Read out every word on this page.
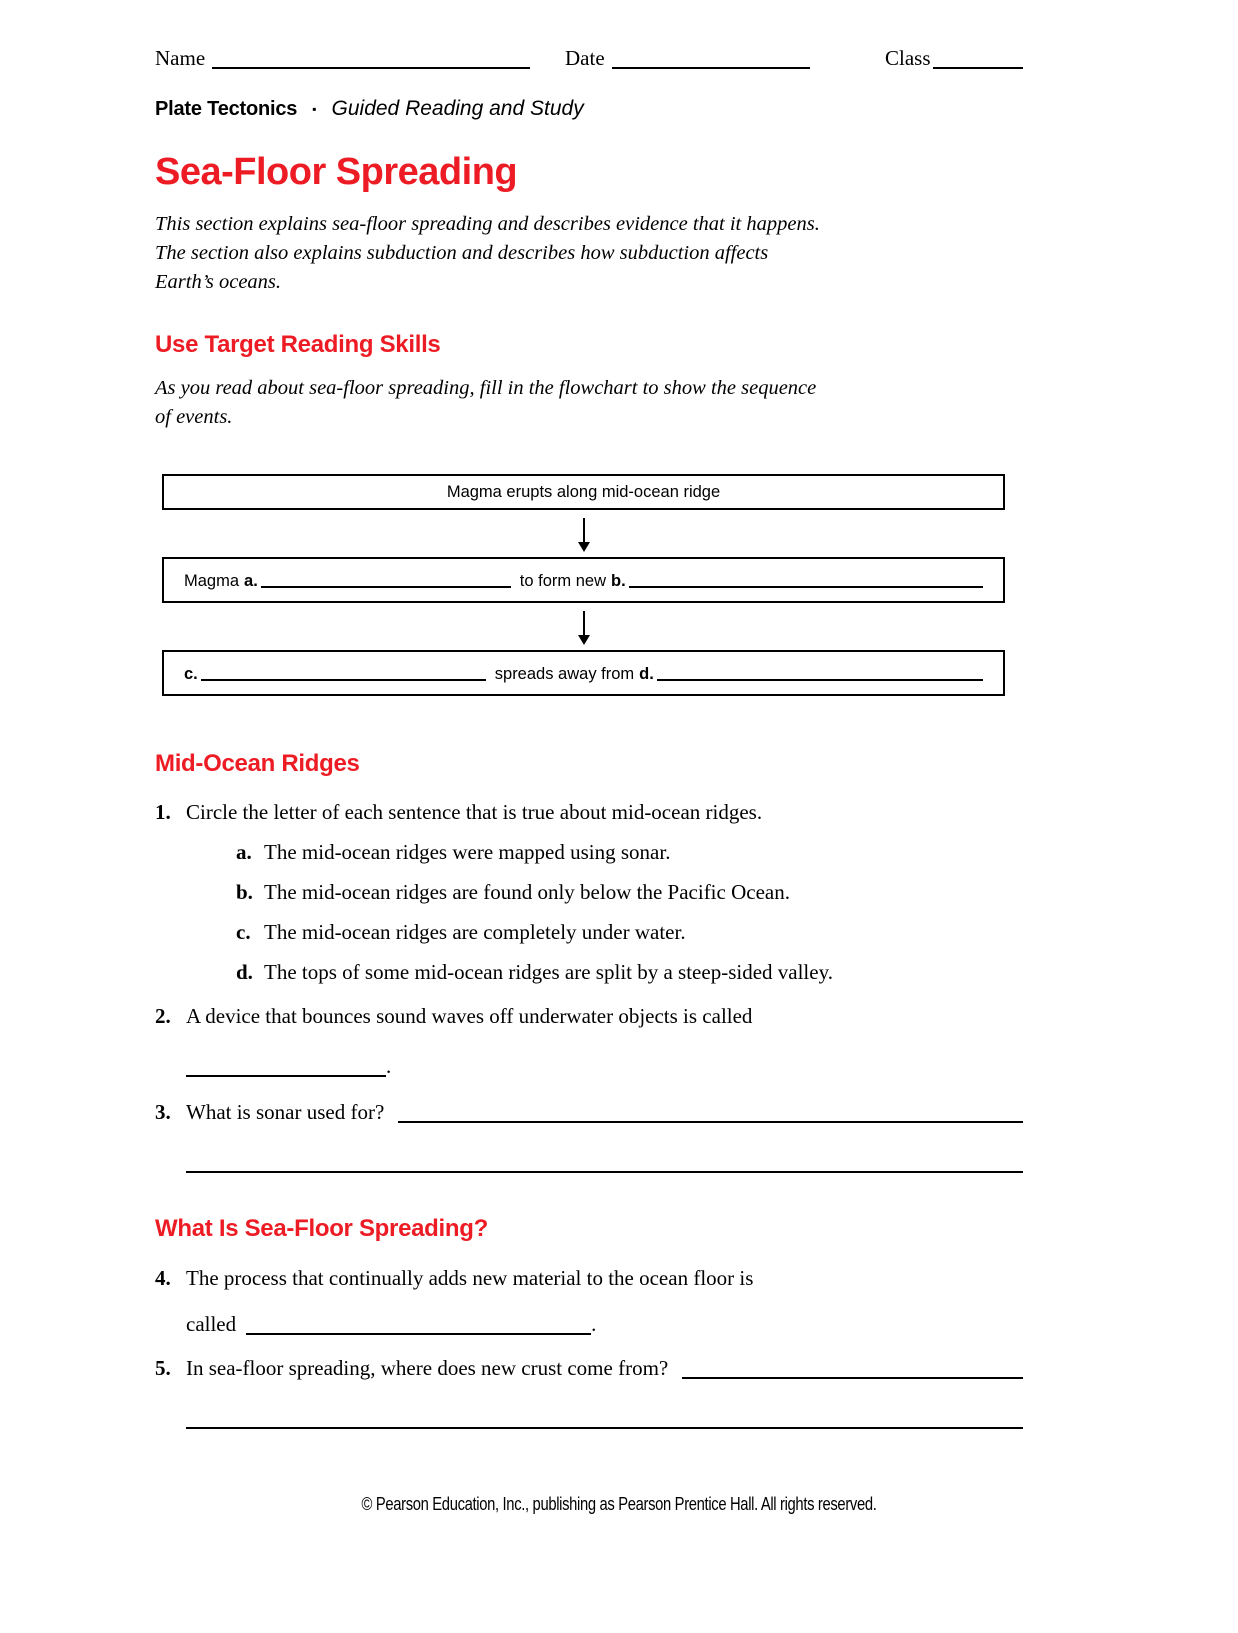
Name	Date	Class
Plate Tectonics ▪ Guided Reading and Study
Sea-Floor Spreading
This section explains sea-floor spreading and describes evidence that it happens.
The section also explains subduction and describes how subduction affects
Earth’s oceans.
Use Target Reading Skills
As you read about sea-floor spreading, fill in the flowchart to show the sequence
of events.
Magma erupts along mid-ocean ridge
Magma a.	to form new b.
c.	spreads away from d.
Mid-Ocean Ridges
1. Circle the letter of each sentence that is true about mid-ocean ridges.
a. The mid-ocean ridges were mapped using sonar.
b. The mid-ocean ridges are found only below the Pacific Ocean.
c. The mid-ocean ridges are completely under water.
d. The tops of some mid-ocean ridges are split by a steep-sided valley.
2. A device that bounces sound waves off underwater objects is called
.
3. What is sonar used for?
What Is Sea-Floor Spreading?
4. The process that continually adds new material to the ocean floor is
called	.
5. In sea-floor spreading, where does new crust come from?
© Pearson Education, Inc., publishing as Pearson Prentice Hall. All rights reserved.
